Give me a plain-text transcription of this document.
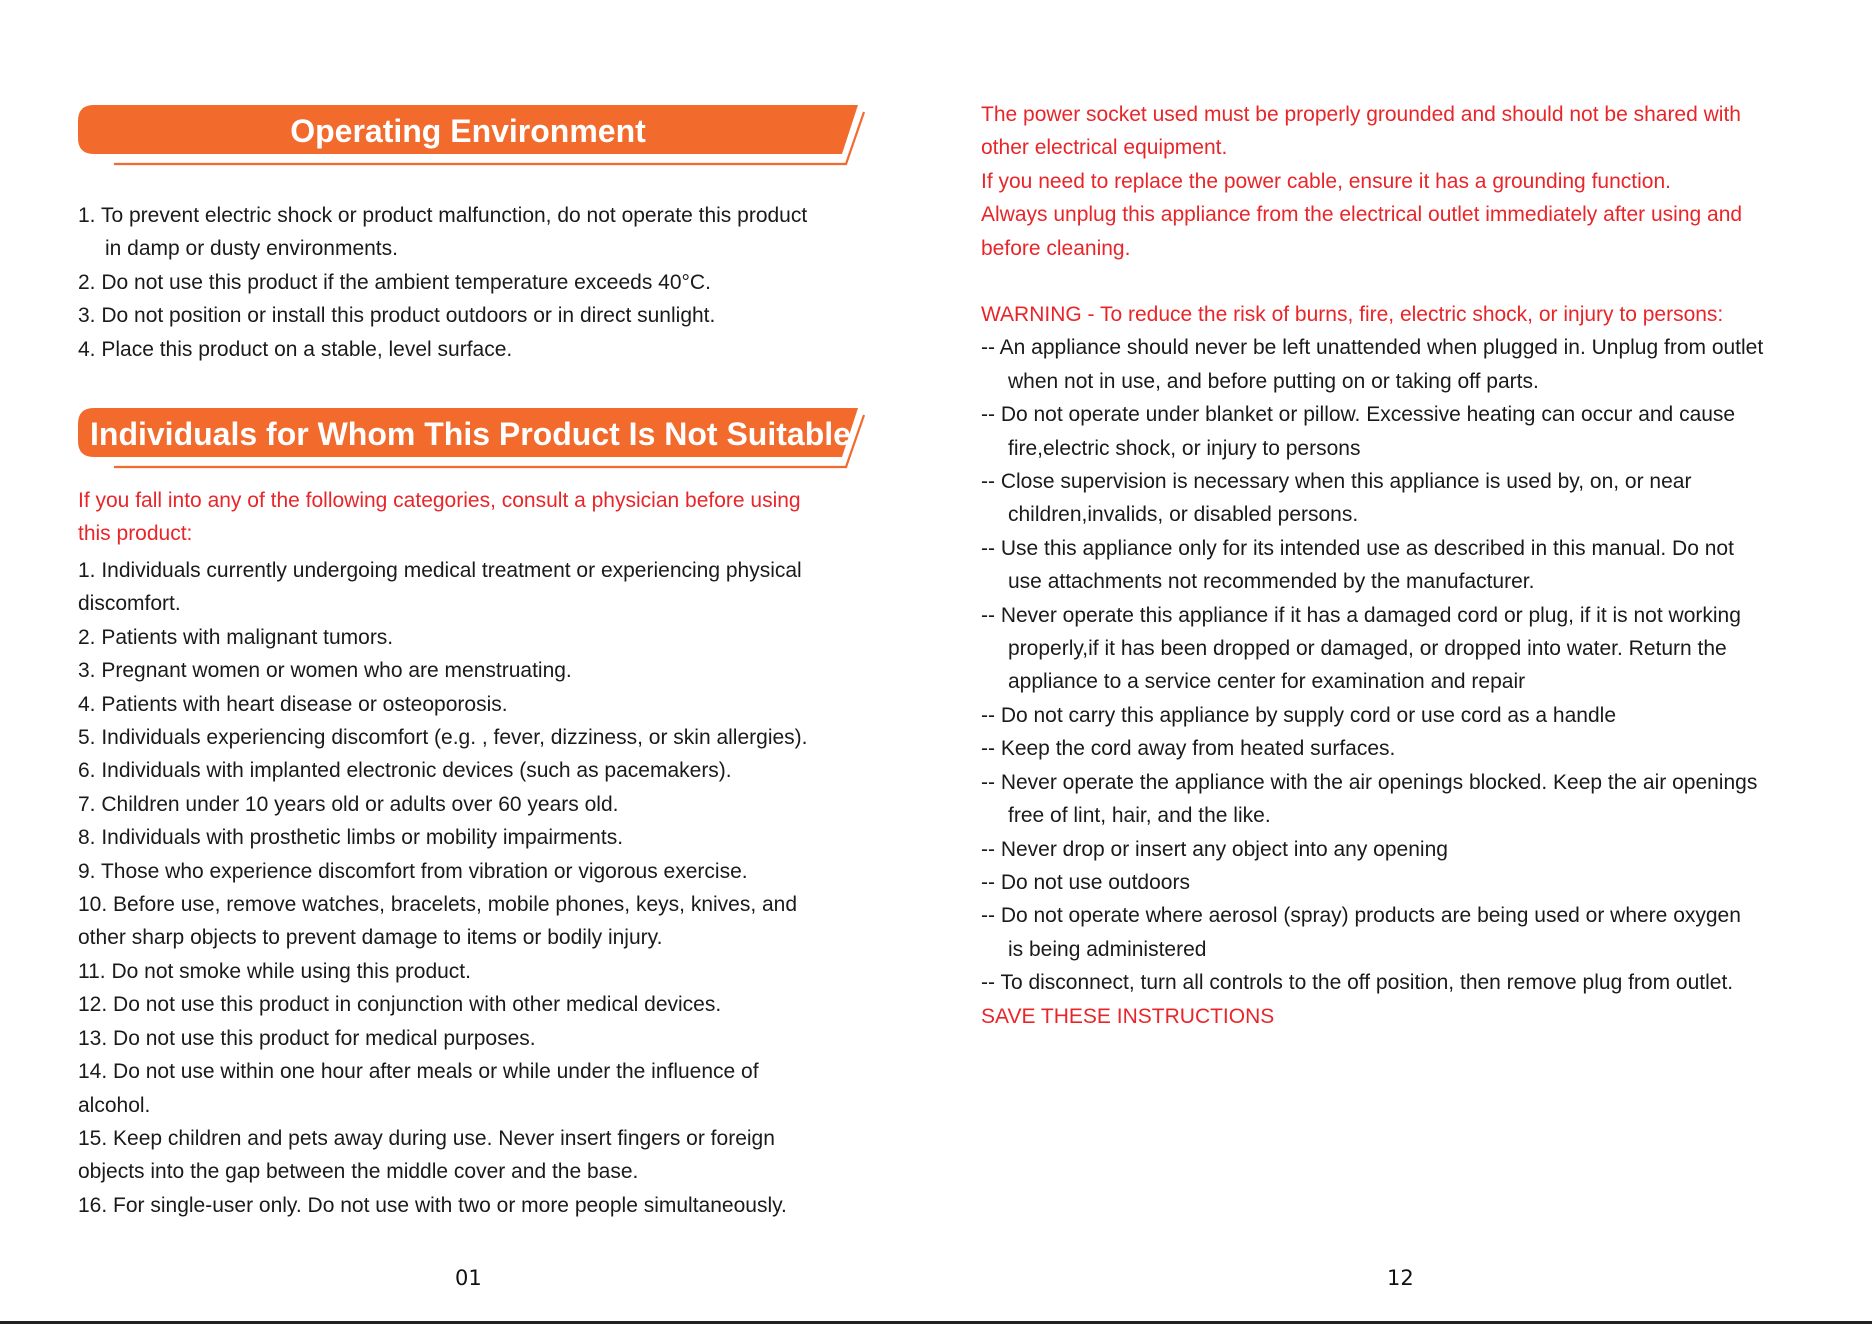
Operating Environment
1. To prevent electric shock or product malfunction, do not operate this product
in damp or dusty environments.
2. Do not use this product if the ambient temperature exceeds 40°C.
3. Do not position or install this product outdoors or in direct sunlight.
4. Place this product on a stable, level surface.
Individuals for Whom This Product Is Not Suitable
If you fall into any of the following categories, consult a physician before using
this product:
1. Individuals currently undergoing medical treatment or experiencing physical
discomfort.
2. Patients with malignant tumors.
3. Pregnant women or women who are menstruating.
4. Patients with heart disease or osteoporosis.
5. Individuals experiencing discomfort (e.g. , fever, dizziness, or skin allergies).
6. Individuals with implanted electronic devices (such as pacemakers).
7. Children under 10 years old or adults over 60 years old.
8. Individuals with prosthetic limbs or mobility impairments.
9. Those who experience discomfort from vibration or vigorous exercise.
10. Before use, remove watches, bracelets, mobile phones, keys, knives, and
other sharp objects to prevent damage to items or bodily injury.
11. Do not smoke while using this product.
12. Do not use this product in conjunction with other medical devices.
13. Do not use this product for medical purposes.
14. Do not use within one hour after meals or while under the influence of
alcohol.
15. Keep children and pets away during use. Never insert fingers or foreign
objects into the gap between the middle cover and the base.
16. For single-user only. Do not use with two or more people simultaneously.
The power socket used must be properly grounded and should not be shared with
other electrical equipment.
If you need to replace the power cable, ensure it has a grounding function.
Always unplug this appliance from the electrical outlet immediately after using and
before cleaning.
WARNING - To reduce the risk of burns, fire, electric shock, or injury to persons:
-- An appliance should never be left unattended when plugged in. Unplug from outlet
when not in use, and before putting on or taking off parts.
-- Do not operate under blanket or pillow. Excessive heating can occur and cause
fire,electric shock, or injury to persons
-- Close supervision is necessary when this appliance is used by, on, or near
children,invalids, or disabled persons.
-- Use this appliance only for its intended use as described in this manual. Do not
use attachments not recommended by the manufacturer.
-- Never operate this appliance if it has a damaged cord or plug, if it is not working
properly,if it has been dropped or damaged, or dropped into water. Return the
appliance to a service center for examination and repair
-- Do not carry this appliance by supply cord or use cord as a handle
-- Keep the cord away from heated surfaces.
-- Never operate the appliance with the air openings blocked. Keep the air openings
free of lint, hair, and the like.
-- Never drop or insert any object into any opening
-- Do not use outdoors
-- Do not operate where aerosol (spray) products are being used or where oxygen
is being administered
-- To disconnect, turn all controls to the off position, then remove plug from outlet.
SAVE THESE INSTRUCTIONS
01	12
